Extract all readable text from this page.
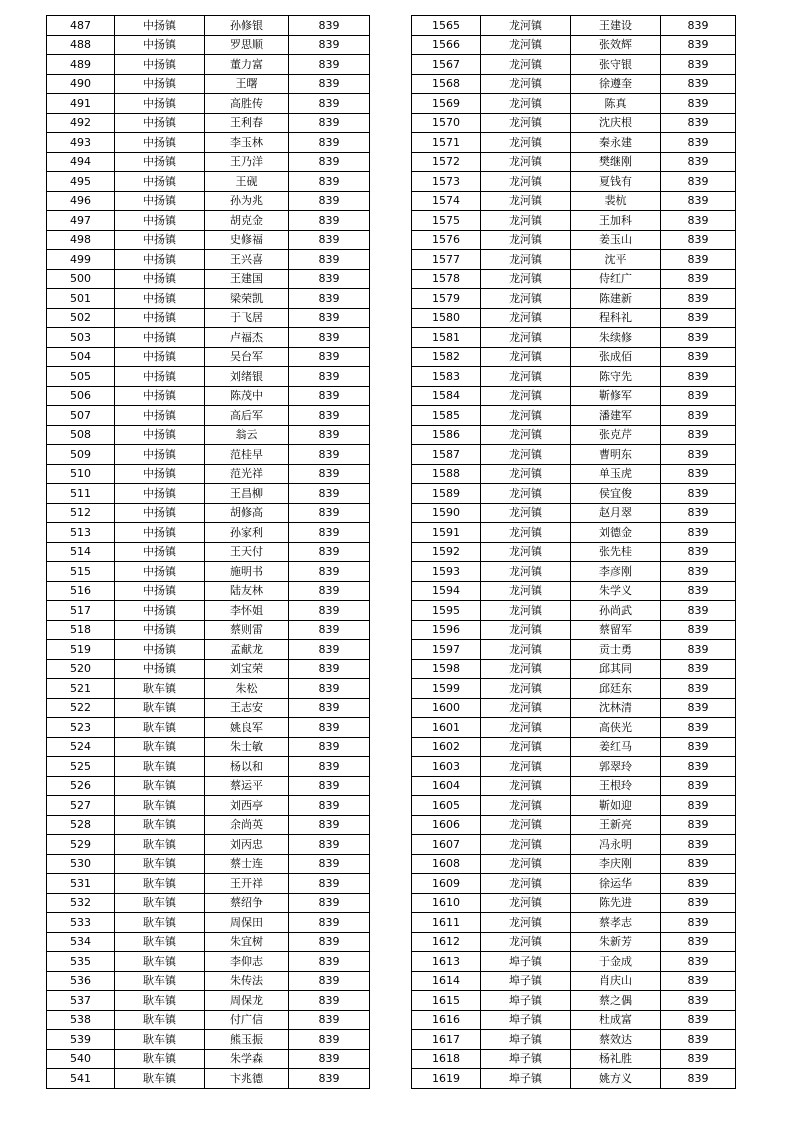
487	中扬镇	孙修银	839
488	中扬镇	罗思顺	839
489	中扬镇	董力富	839
490	中扬镇	王曙	839
491	中扬镇	高胜传	839
492	中扬镇	王利春	839
493	中扬镇	李玉林	839
494	中扬镇	王乃洋	839
495	中扬镇	王砚	839
496	中扬镇	孙为兆	839
497	中扬镇	胡克金	839
498	中扬镇	史修福	839
499	中扬镇	王兴喜	839
500	中扬镇	王建国	839
501	中扬镇	梁荣凯	839
502	中扬镇	于飞居	839
503	中扬镇	卢福杰	839
504	中扬镇	吴台军	839
505	中扬镇	刘绪银	839
506	中扬镇	陈茂中	839
507	中扬镇	高后军	839
508	中扬镇	翁云	839
509	中扬镇	范桂早	839
510	中扬镇	范光祥	839
511	中扬镇	王昌柳	839
512	中扬镇	胡修高	839
513	中扬镇	孙家利	839
514	中扬镇	王天付	839
515	中扬镇	施明书	839
516	中扬镇	陆友林	839
517	中扬镇	李怀姐	839
518	中扬镇	蔡则雷	839
519	中扬镇	孟献龙	839
520	中扬镇	刘宝荣	839
521	耿车镇	朱松	839
522	耿车镇	王志安	839
523	耿车镇	姚良军	839
524	耿车镇	朱士敏	839
525	耿车镇	杨以和	839
526	耿车镇	蔡运平	839
527	耿车镇	刘西亭	839
528	耿车镇	余尚英	839
529	耿车镇	刘丙忠	839
530	耿车镇	蔡士连	839
531	耿车镇	王开祥	839
532	耿车镇	蔡绍争	839
533	耿车镇	周保田	839
534	耿车镇	朱宜树	839
535	耿车镇	李仰志	839
536	耿车镇	朱传法	839
537	耿车镇	周保龙	839
538	耿车镇	付广信	839
539	耿车镇	熊玉振	839
540	耿车镇	朱学森	839
541	耿车镇	卞兆德	839
1565	龙河镇	王建设	839
1566	龙河镇	张效辉	839
1567	龙河镇	张守银	839
1568	龙河镇	徐遵奎	839
1569	龙河镇	陈真	839
1570	龙河镇	沈庆根	839
1571	龙河镇	秦永建	839
1572	龙河镇	樊继刚	839
1573	龙河镇	夏钱有	839
1574	龙河镇	裴杭	839
1575	龙河镇	王加科	839
1576	龙河镇	姜玉山	839
1577	龙河镇	沈平	839
1578	龙河镇	侍红广	839
1579	龙河镇	陈建新	839
1580	龙河镇	程科礼	839
1581	龙河镇	朱续修	839
1582	龙河镇	张成佰	839
1583	龙河镇	陈守先	839
1584	龙河镇	靳修军	839
1585	龙河镇	潘建军	839
1586	龙河镇	张克芹	839
1587	龙河镇	曹明东	839
1588	龙河镇	单玉虎	839
1589	龙河镇	侯宜俊	839
1590	龙河镇	赵月翠	839
1591	龙河镇	刘德金	839
1592	龙河镇	张先桂	839
1593	龙河镇	李彦刚	839
1594	龙河镇	朱学义	839
1595	龙河镇	孙尚武	839
1596	龙河镇	蔡留军	839
1597	龙河镇	贡士勇	839
1598	龙河镇	邱其同	839
1599	龙河镇	邱廷东	839
1600	龙河镇	沈林清	839
1601	龙河镇	高侠光	839
1602	龙河镇	姜红马	839
1603	龙河镇	郭翠玲	839
1604	龙河镇	王根玲	839
1605	龙河镇	靳如迎	839
1606	龙河镇	王新亮	839
1607	龙河镇	冯永明	839
1608	龙河镇	李庆刚	839
1609	龙河镇	徐运华	839
1610	龙河镇	陈先进	839
1611	龙河镇	蔡孝志	839
1612	龙河镇	朱新芳	839
1613	埠子镇	于金成	839
1614	埠子镇	肖庆山	839
1615	埠子镇	蔡之偶	839
1616	埠子镇	杜成富	839
1617	埠子镇	蔡效达	839
1618	埠子镇	杨礼胜	839
1619	埠子镇	姚方义	839
